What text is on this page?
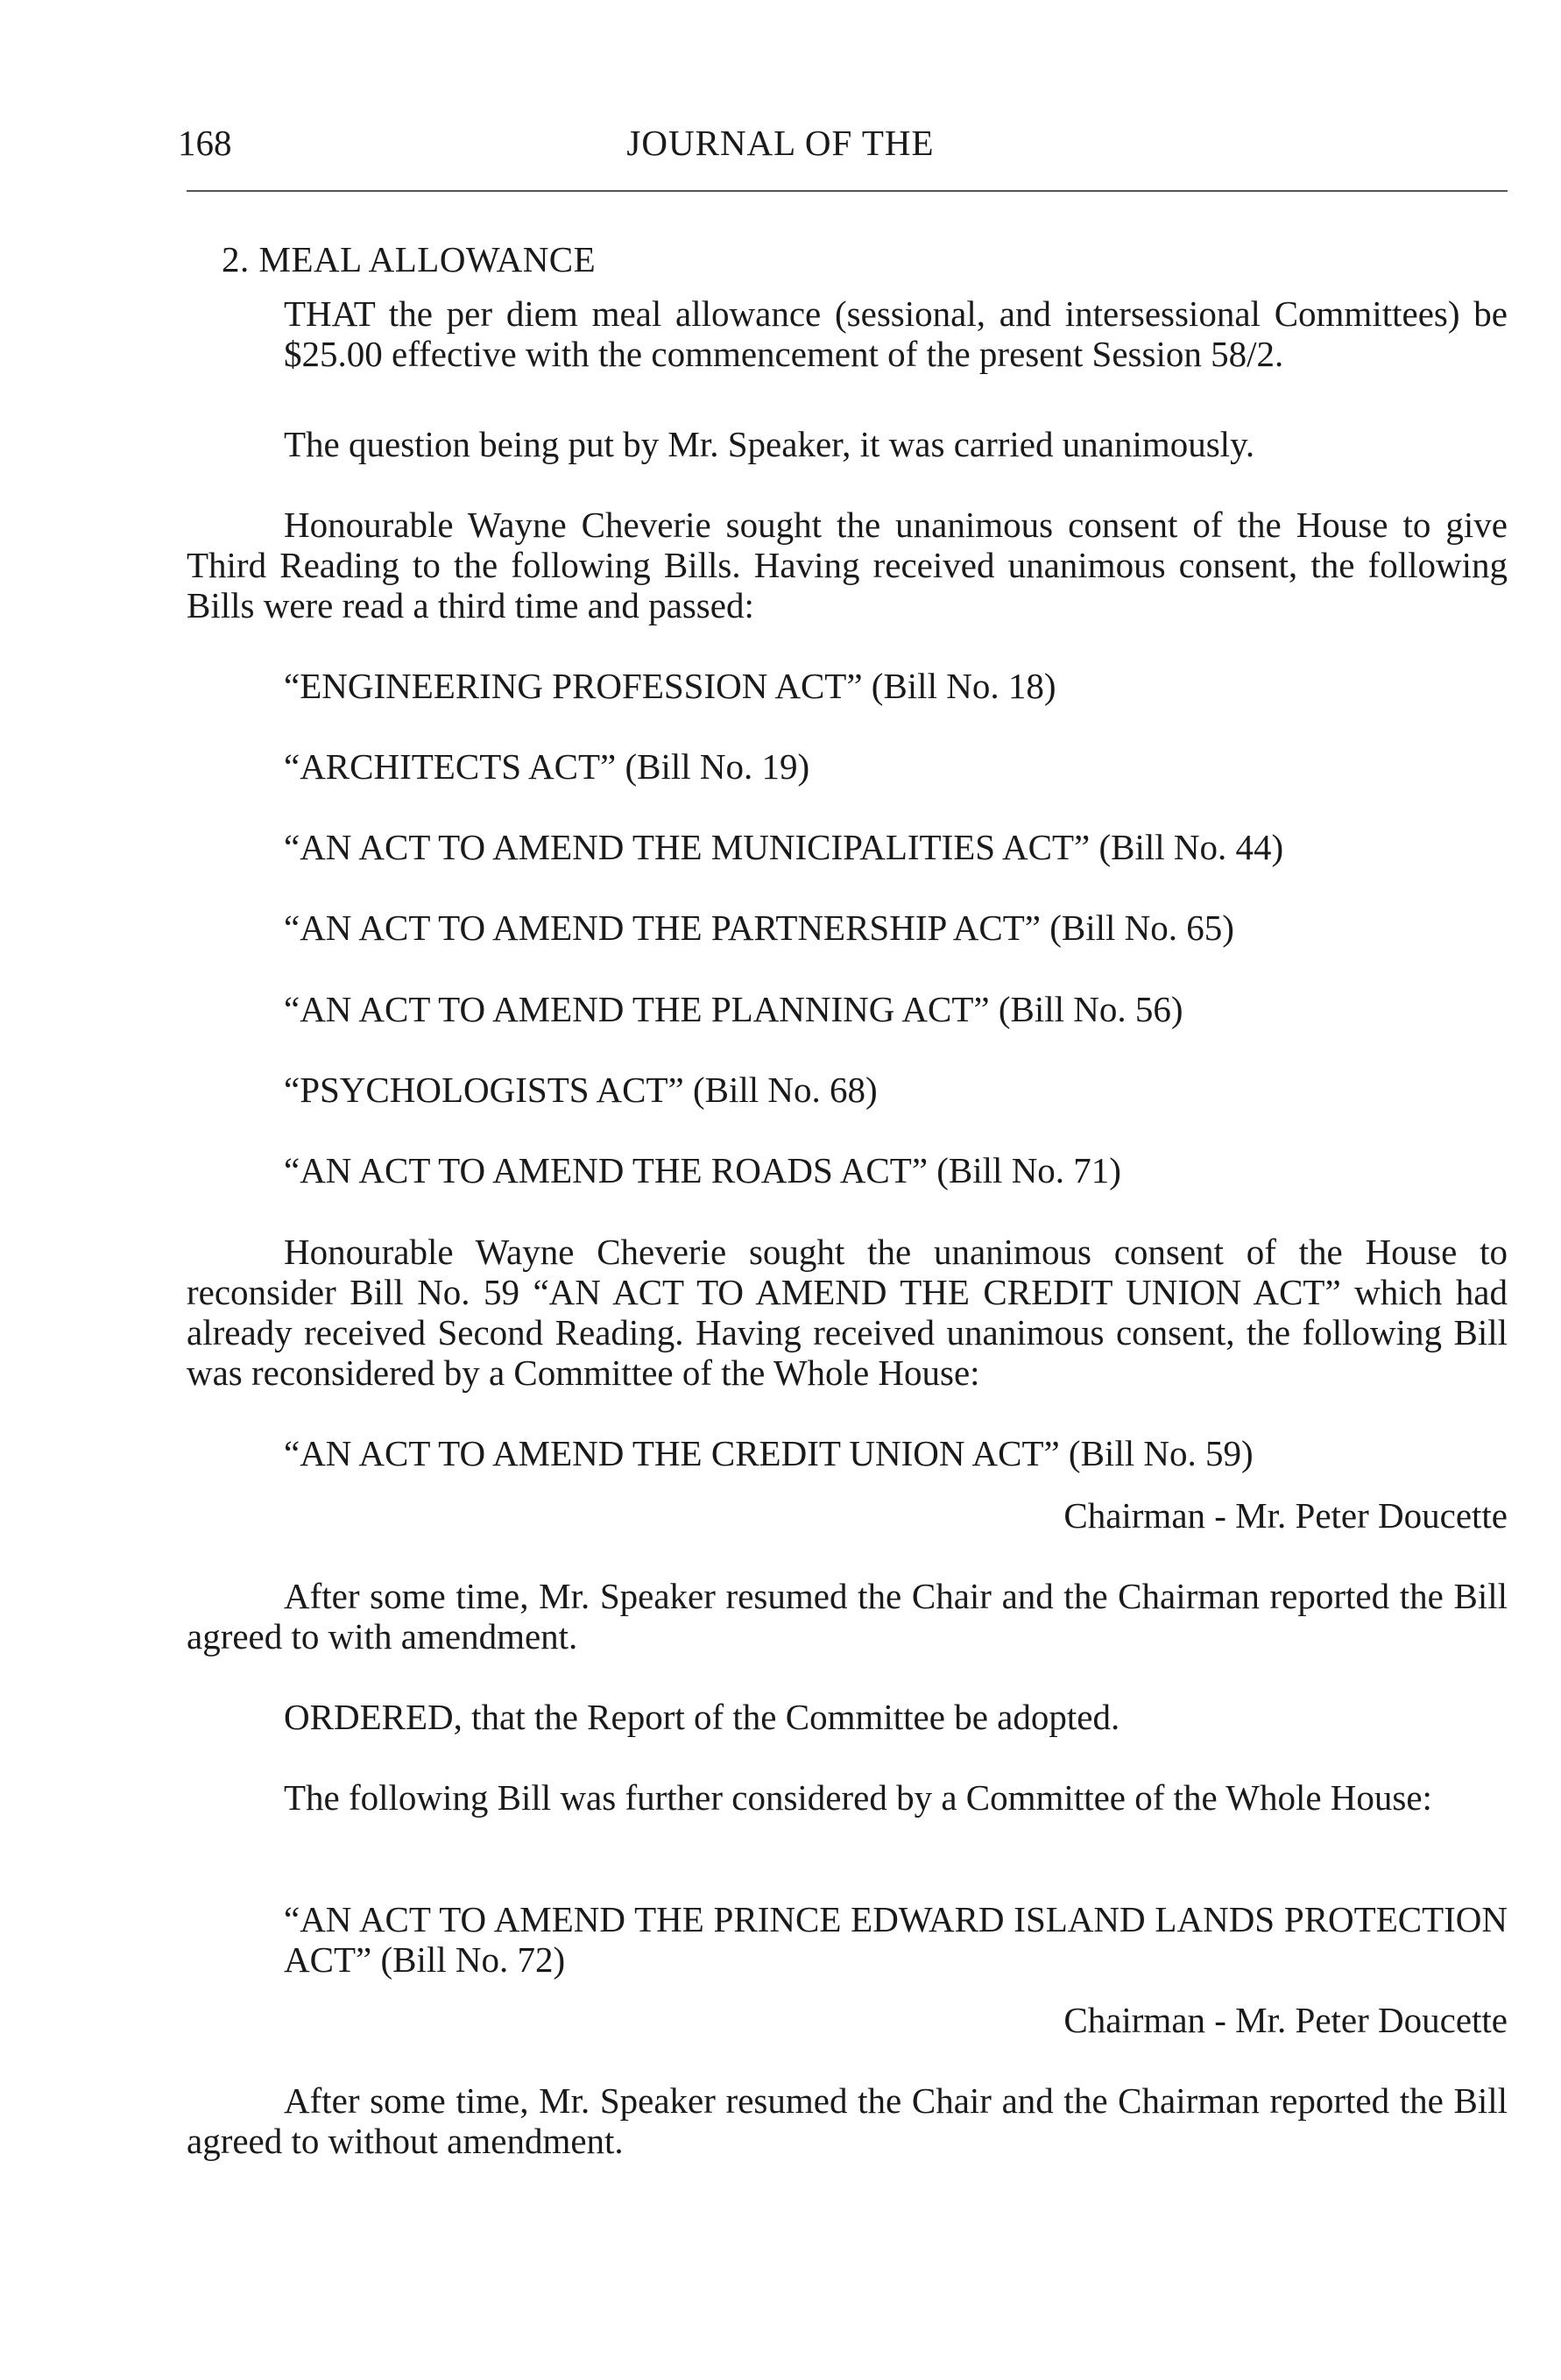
168	JOURNAL OF THE
2. MEAL ALLOWANCE

THAT the per diem meal allowance (sessional, and intersessional Committees) be $25.00 effective with the commencement of the present Session 58/2.

The question being put by Mr. Speaker, it was carried unanimously.

Honourable Wayne Cheverie sought the unanimous consent of the House to give Third Reading to the following Bills. Having received unanimous consent, the following Bills were read a third time and passed:

“ENGINEERING PROFESSION ACT” (Bill No. 18)

“ARCHITECTS ACT” (Bill No. 19)

“AN ACT TO AMEND THE MUNICIPALITIES ACT” (Bill No. 44)

“AN ACT TO AMEND THE PARTNERSHIP ACT” (Bill No. 65)

“AN ACT TO AMEND THE PLANNING ACT” (Bill No. 56)

“PSYCHOLOGISTS ACT” (Bill No. 68)

“AN ACT TO AMEND THE ROADS ACT” (Bill No. 71)

Honourable Wayne Cheverie sought the unanimous consent of the House to reconsider Bill No. 59 “AN ACT TO AMEND THE CREDIT UNION ACT” which had already received Second Reading. Having received unanimous consent, the following Bill was reconsidered by a Committee of the Whole House:

“AN ACT TO AMEND THE CREDIT UNION ACT” (Bill No. 59)

Chairman - Mr. Peter Doucette

After some time, Mr. Speaker resumed the Chair and the Chairman reported the Bill agreed to with amendment.

ORDERED, that the Report of the Committee be adopted.

The following Bill was further considered by a Committee of the Whole House:

“AN ACT TO AMEND THE PRINCE EDWARD ISLAND LANDS PROTECTION ACT” (Bill No. 72)

Chairman - Mr. Peter Doucette

After some time, Mr. Speaker resumed the Chair and the Chairman reported the Bill agreed to without amendment.
